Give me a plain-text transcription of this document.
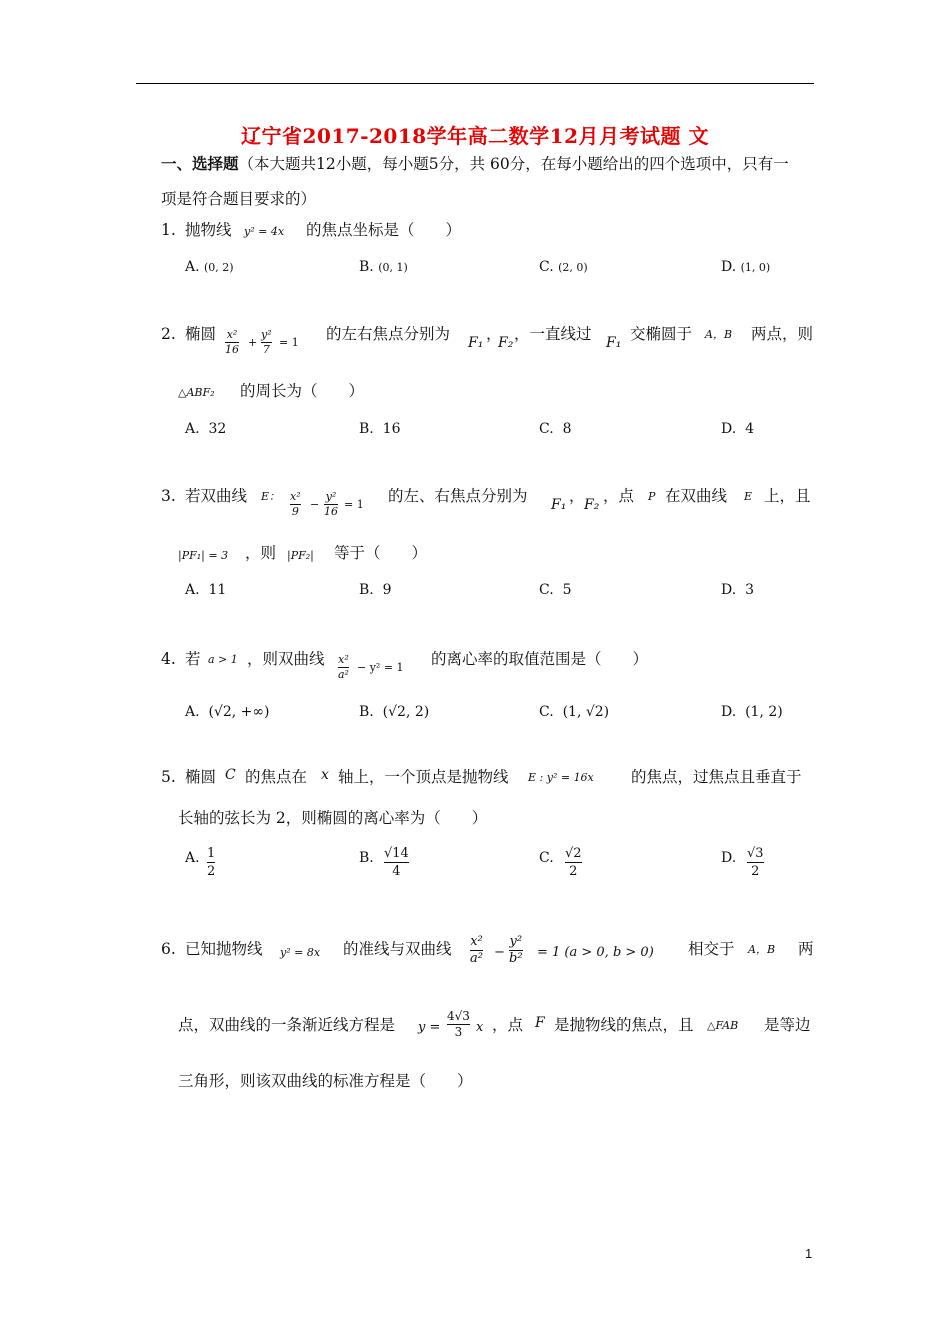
辽宁省2017-2018学年高二数学12月月考试题 文
一、选择题（本大题共12小题，每小题5分，共 60分，在每小题给出的四个选项中，只有一
项是符合题目要求的）
1. 抛物线 y² = 4x 的焦点坐标是（　　）
A. (0, 2)	B. (0, 1)	C. (2, 0)	D. (1, 0)
2. 椭圆 x²
16
+
y²
7
= 1 的左右焦点分别为 F₁ ，
F₂ ，一直线过 F₁ 交椭圆于 A，B 两点，则
△ABF₂ 的周长为（　　）
A. 32	B. 16	C. 8	D. 4
3. 若双曲线 E： x²
9
−
y²
16
= 1 的左、右焦点分别为 F₁ ， F₂ ，点 P 在双曲线 E 上，且
|PF₁| = 3 ，则 |PF₂| 等于（　　）
A. 11	B. 9	C. 5	D. 3
4. 若 a > 1 ，则双曲线 x²
a²
− y² = 1 的离心率的取值范围是（　　）
A. (√2, +∞)	B. (√2, 2)	C. (1, √2)	D. (1, 2)
5. 椭圆 C 的焦点在 x 轴上，一个顶点是抛物线 E : y² = 16x 的焦点，过焦点且垂直于
长轴的弦长为 2，则椭圆的离心率为（　　）
A. 1
2
B. √14
4
C. √2
2
D. √3
2
6. 已知抛物线 y² = 8x 的准线与双曲线 x²
a² −
y²
b² = 1 (a > 0, b > 0) 相交于 A，B 两
点，双曲线的一条渐近线方程是 y =
4√3
3 x ，点 F 是抛物线的焦点，且 △FAB 是等边
三角形，则该双曲线的标准方程是（　　）
1
